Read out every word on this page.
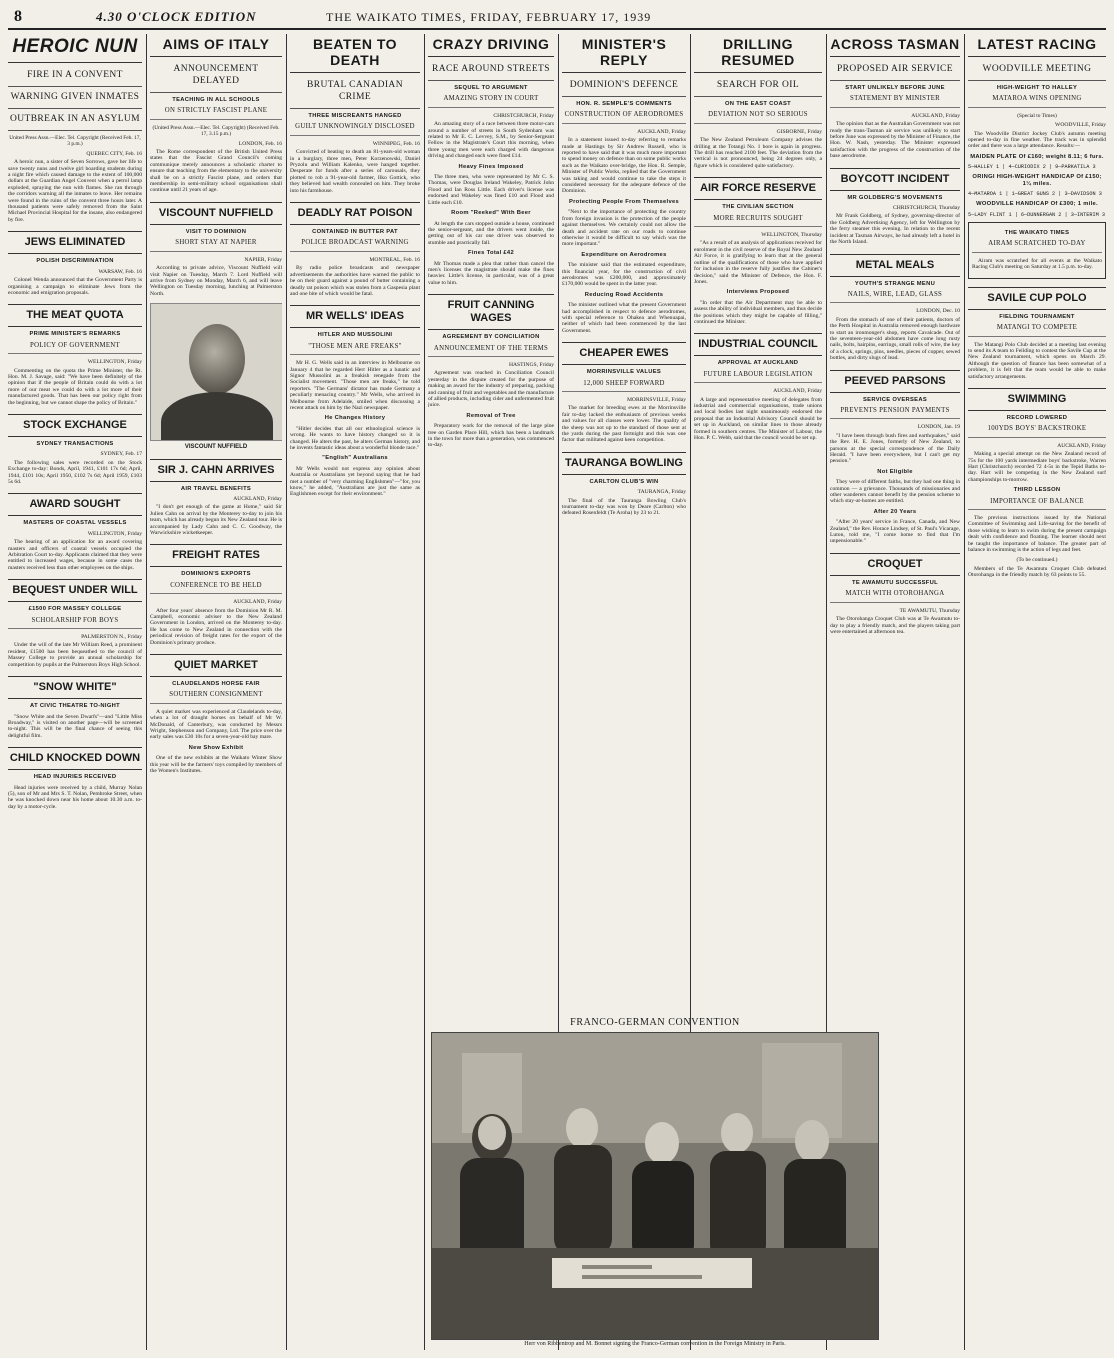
8	4.30 O'CLOCK EDITION	THE WAIKATO TIMES, FRIDAY, FEBRUARY 17, 1939
HEROIC NUN
FIRE IN A CONVENT
WARNING GIVEN INMATES
OUTBREAK IN AN ASYLUM
United Press Assn.—Elec. Tel. Copyright (Received Feb. 17, 3 p.m.)
QUEBEC CITY, Feb. 16

A heroic nun, a sister of Seven Sorrows, gave her life to save twenty nuns and twelve girl boarding students during a night fire which caused damage to the extent of 100,000 dollars at the Guardian Angel Convent when a petrol lamp exploded, spraying the nun with flames. She ran through the corridors warning all the inmates to leave. Her remains were found in the ruins of the convent three hours later. A thousand patients were safely removed from the Saint Michael Provincial Hospital for the insane, also endangered by fire.

JEWS ELIMINATED
POLISH DISCRIMINATION
WARSAW, Feb. 16

Colonel Wenda announced that the Government Party is organising a campaign to eliminate Jews from the economic and emigration proposals.

THE MEAT QUOTA
PRIME MINISTER'S REMARKS
POLICY OF GOVERNMENT
WELLINGTON, Friday

Commenting on the quota the Prime Minister, the Rt. Hon. M. J. Savage, said: "We have been definitely of the opinion that if the people of Britain could do with a lot more of our meat we could do with a lot more of their manufactured goods. That has been our policy right from the beginning, but we cannot shape the policy of Britain."

STOCK EXCHANGE
SYDNEY TRANSACTIONS
SYDNEY, Feb. 17

The following sales were recorded on the Stock Exchange to-day: Bonds, April, 1941, £101 17s 6d; April, 1944, £101 10s; April 1950, £102 7s 6d; April 1959, £103 5s 6d.

AWARD SOUGHT
MASTERS OF COASTAL VESSELS
WELLINGTON, Friday

The hearing of an application for an award covering masters and officers of coastal vessels occupied the Arbitration Court to-day. Applicants claimed that they were entitled to increased wages, because in some cases the masters received less than other employees on the ships.

BEQUEST UNDER WILL
£1500 FOR MASSEY COLLEGE
SCHOLARSHIP FOR BOYS
PALMERSTON N., Friday

Under the will of the late Mr William Reed, a prominent resident, £1500 has been bequeathed to the council of Massey College to provide an annual scholarship for competition by pupils at the Palmerston Boys High School.

"SNOW WHITE"
AT CIVIC THEATRE TO-NIGHT

"Snow White and the Seven Dwarfs"—and "Little Miss Broadway," is visited on another page—will be screened to-night. This will be the final chance of seeing this delightful film.

CHILD KNOCKED DOWN
HEAD INJURIES RECEIVED

Head injuries were received by a child, Murray Nolan (5), son of Mr and Mrs S. T. Nolan, Pembroke Street, when he was knocked down near his home about 10.30 a.m. to-day by a motor-cycle.

AIMS OF ITALY
ANNOUNCEMENT DELAYED
TEACHING IN ALL SCHOOLS
ON STRICTLY FASCIST PLANE
(United Press Assn.—Elec. Tel. Copyright) (Received Feb. 17, 3.15 p.m.)
LONDON, Feb. 16

The Rome correspondent of the British United Press states that the Fascist Grand Council's coming communique merely announces a scholastic charter to ensure that teaching from the elementary to the university shall be on a strictly Fascist plane, and orders that membership in semi-military school organisations shall continue until 21 years of age.

VISCOUNT NUFFIELD
VISIT TO DOMINION
SHORT STAY AT NAPIER
NAPIER, Friday

According to private advice, Viscount Nuffield will visit Napier on Tuesday, March 7. Lord Nuffield will arrive from Sydney on Monday, March 6, and will leave Wellington on Tuesday morning, lunching at Palmerston North.

VISCOUNT NUFFIELD
SIR J. CAHN ARRIVES
AIR TRAVEL BENEFITS
AUCKLAND, Friday

"I don't get enough of the game at Home," said Sir Julien Cahn on arrival by the Monterey to-day to join his team, which has already begun its New Zealand tour. He is accompanied by Lady Cahn and C. C. Goodway, the Warwickshire wicketkeeper.

FREIGHT RATES
DOMINION'S EXPORTS
CONFERENCE TO BE HELD
AUCKLAND, Friday

After four years' absence from the Dominion Mr R. M. Campbell, economic adviser to the New Zealand Government in London, arrived on the Monterey to-day. He has come to New Zealand in connection with the periodical revision of freight rates for the export of the Dominion's primary produce.

QUIET MARKET
CLAUDELANDS HORSE FAIR
SOUTHERN CONSIGNMENT

A quiet market was experienced at Claudelands to-day, when a lot of draught horses on behalf of Mr W. McDonald, of Canterbury, was conducted by Messrs Wright, Stephenson and Company, Ltd. The price over the early sales was £30 10s for a seven-year-old bay mare.

New Show Exhibit

One of the new exhibits at the Waikato Winter Show this year will be the farmers' toys compiled by members of the Women's Institutes.

BEATEN TO DEATH
BRUTAL CANADIAN CRIME
THREE MISCREANTS HANGED
GUILT UNKNOWINGLY DISCLOSED
WINNIPEG, Feb. 16

Convicted of beating to death an 81-years-old woman in a burglary, three men, Peter Korzenowski, Daniel Pryzolu and William Kalenko, were hanged together. Desperate for funds after a series of carousals, they plotted to rob a 91-year-old farmer, Ilko Gottick, who they believed had wealth concealed on him. They broke into his farmhouse.

DEADLY RAT POISON
CONTAINED IN BUTTER PAT
POLICE BROADCAST WARNING
MONTREAL, Feb. 16

By radio police broadcasts and newspaper advertisements the authorities have warned the public to be on their guard against a pound of butter containing a deadly rat poison which was stolen from a Gaspesia plant and one bite of which would be fatal.

MR WELLS' IDEAS
HITLER AND MUSSOLINI
"THOSE MEN ARE FREAKS"

Mr H. G. Wells said in an interview in Melbourne on January 4 that he regarded Herr Hitler as a lunatic and Signor Mussolini as a freakish renegade from the Socialist movement. "Those men are freaks," he told reporters. "The Germans' dictator has made Germany a peculiarly menacing country." Mr Wells, who arrived in Melbourne from Adelaide, smiled when discussing a recent attack on him by the Nazi newspaper.

He Changes History

"Hitler decides that all our ethnological science is wrong. He wants to have history changed so it is changed. He alters the past, he alters German history, and he invents fantastic ideas about a wonderful blonde race."

"English" Australians

Mr Wells would not express any opinion about Australia or Australians yet beyond saying that he had met a number of "very charming Englishmen"—"for, you know," he added, "Australians are just the same as Englishmen except for their environment."

CRAZY DRIVING
RACE AROUND STREETS
SEQUEL TO ARGUMENT
AMAZING STORY IN COURT
CHRISTCHURCH, Friday

An amazing story of a race between three motor-cars around a number of streets in South Sydenham was related to Mr E. C. Levvey, S.M., by Senior-Sergeant Fellow in the Magistrate's Court this morning, when three young men were each charged with dangerous driving and changed each were fined £14.

Heavy Fines Imposed

The three men, who were represented by Mr C. S. Thomas, were Douglas Ireland Wakeley, Patrick John Flood and Ian Ross Little. Each driver's license was endorsed and Wakeley was fined £10 and Flood and Little each £10.

Room "Reeked" With Beer

At length the cars stopped outside a house, continued the senior-sergeant, and the drivers went inside, the getting out of his car one driver was observed to stumble and practically fall.

Fines Total £42

Mr Thomas made a plea that rather than cancel the men's licenses the magistrate should make the fines heavier. Little's license, in particular, was of a great value to him.

FRUIT CANNING WAGES
AGREEMENT BY CONCILIATION
ANNOUNCEMENT OF THE TERMS
HASTINGS, Friday

Agreement was reached in Conciliation Council yesterday in the dispute created for the purpose of making an award for the industry of preparing, packing and canning of fruit and vegetables and the manufacture of allied products, including cider and unfermented fruit juice.

Removal of Tree

Preparatory work for the removal of the large pine tree on Garden Place Hill, which has been a landmark in the town for more than a generation, was commenced to-day.

MINISTER'S REPLY
DOMINION'S DEFENCE
HON. R. SEMPLE'S COMMENTS
CONSTRUCTION OF AERODROMES
AUCKLAND, Friday

In a statement issued to-day referring to remarks made at Hastings by Sir Andrew Russell, who is reported to have said that it was much more important to spend money on defence than on some public works such as the Waikato over-bridge, the Hon. R. Semple, Minister of Public Works, replied that the Government was taking and would continue to take the steps it considered necessary for the adequate defence of the Dominion.

Protecting People From Themselves

"Next to the importance of protecting the country from foreign invasion is the protection of the people against themselves. We certainly could not allow the death and accident rate on our roads to continue otherwise it would be difficult to say which was the more important."

Expenditure on Aerodromes

The minister said that the estimated expenditure, this financial year, for the construction of civil aerodromes was £200,000, and approximately £170,000 would be spent in the latter year.

Reducing Road Accidents

The minister outlined what the present Government had accomplished in respect to defence aerodromes, with special reference to Ohakea and Whenuapai, neither of which had been commenced by the last Government.

CHEAPER EWES
MORRINSVILLE VALUES
12,000 SHEEP FORWARD
MORRINSVILLE, Friday

The market for breeding ewes at the Morrinsville fair to-day lacked the enthusiasm of previous weeks and values for all classes were lower. The quality of the sheep was not up to the standard of those sent at the yards during the past fortnight and this was one factor that militated against keen competition.

TAURANGA BOWLING
CARLTON CLUB'S WIN
TAURANGA, Friday

The final of the Tauranga Bowling Club's tournament to-day was won by Deare (Carlton) who defeated Rosenfeldt (Te Aroha) by 23 to 21.

DRILLING RESUMED
SEARCH FOR OIL
ON THE EAST COAST
DEVIATION NOT SO SERIOUS
GISBORNE, Friday

The New Zealand Petroleum Company advises the drilling at the Totangi No. 1 bore is again in progress. The drill has reached 2100 feet. The deviation from the vertical is not pronounced, being 24 degrees only, a figure which is considered quite satisfactory.

AIR FORCE RESERVE
THE CIVILIAN SECTION
MORE RECRUITS SOUGHT
WELLINGTON, Thursday

"As a result of an analysis of applications received for enrolment in the civil reserve of the Royal New Zealand Air Force, it is gratifying to learn that at the general outline of the qualifications of those who have applied for inclusion in the reserve fully justifies the Cabinet's decision," said the Minister of Defence, the Hon. F. Jones.

Interviews Proposed

"In order that the Air Department may be able to assess the ability of individual members, and thus decide the positions which they might be capable of filling," continued the Minister.

INDUSTRIAL COUNCIL
APPROVAL AT AUCKLAND
FUTURE LABOUR LEGISLATION
AUCKLAND, Friday

A large and representative meeting of delegates from industrial and commercial organisations, trade unions and local bodies last night unanimously endorsed the proposal that an Industrial Advisory Council should be set up in Auckland, on similar lines to those already formed in southern centres. The Minister of Labour, the Hon. P. C. Webb, said that the council would be set up.

ACROSS TASMAN
PROPOSED AIR SERVICE
START UNLIKELY BEFORE JUNE
STATEMENT BY MINISTER
AUCKLAND, Friday

The opinion that as the Australian Government was not ready the trans-Tasman air service was unlikely to start before June was expressed by the Minister of Finance, the Hon. W. Nash, yesterday. The Minister expressed satisfaction with the progress of the construction of the base aerodrome.

BOYCOTT INCIDENT
MR GOLDBERG'S MOVEMENTS
CHRISTCHURCH, Thursday

Mr Frank Goldberg, of Sydney, governing-director of the Goldberg Advertising Agency, left for Wellington by the ferry steamer this evening. In relation to the recent incident at Tasman Airways, he had already left a hotel in the North Island.

METAL MEALS
YOUTH'S STRANGE MENU
NAILS, WIRE, LEAD, GLASS
LONDON, Dec. 10

From the stomach of one of their patients, doctors of the Perth Hospital in Australia removed enough hardware to start an ironmonger's shop, reports Cavalcade. Out of the seventeen-year-old abdomen have come long rusty nails, bolts, hairpins, earrings, small rolls of wire, the key of a clock, springs, pins, needles, pieces of copper, sewed bottles, and dirty slugs of lead.

PEEVED PARSONS
SERVICE OVERSEAS
PREVENTS PENSION PAYMENTS
LONDON, Jan. 19

"I have been through bush fires and earthquakes," said the Rev. H. E. Jones, formerly of New Zealand, to parsons at the special correspondence of the Daily Herald. "I have been everywhere, but I can't get my pension."

Not Eligible

They were of different faiths, but they had one thing in common — a grievance. Thousands of missionaries and other wanderers cannot benefit by the pension scheme to which stay-at-homes are entitled.

After 20 Years

"After 20 years' service in France, Canada, and New Zealand," the Rev. Horace Lindsey, of St. Paul's Vicarage, Luton, told me, "I come home to find that I'm unpensionable."

CROQUET
TE AWAMUTU SUCCESSFUL
MATCH WITH OTOROHANGA
TE AWAMUTU, Thursday

The Otorohanga Croquet Club was at Te Awamutu to-day to play a friendly match, and the players taking part were entertained at afternoon tea.

LATEST RACING
WOODVILLE MEETING
HIGH-WEIGHT TO HALLEY
MATAROA WINS OPENING
(Special to Times)
WOODVILLE, Friday

The Woodville District Jockey Club's autumn meeting opened to-day in fine weather. The track was in splendid order and there was a large attendance. Results:—

MAIDEN PLATE Of £160; weight 8.11; 6 furs.
5—HALLEY 1 | 4—CURIODIX 2 | 9—PARKATILA 3
ORINGI HIGH-WEIGHT HANDICAP Of £150; 1¼ miles.
4—MATAROA 1 | 1—GREAT GUNS 2 | 3—DAVIDSON 3
WOODVILLE HANDICAP Of £300; 1 mile.
5—LADY FLINT 1 | 6—DUNNERGAN 2 | 3—INTERIM 3
THE WAIKATO TIMES
AIRAM SCRATCHED TO-DAY

Airam was scratched for all events at the Waikato Racing Club's meeting on Saturday at 1.5 p.m. to-day.

SAVILE CUP POLO
FIELDING TOURNAMENT
MATANGI TO COMPETE

The Matangi Polo Club decided at a meeting last evening to send its A team to Feilding to contest the Savile Cup at the New Zealand tournament, which opens on March 29. Although the question of finance has been somewhat of a problem, it is felt that the team would be able to make satisfactory arrangements.

SWIMMING
RECORD LOWERED
100YDS BOYS' BACKSTROKE
AUCKLAND, Friday

Making a special attempt on the New Zealand record of 75s for the 100 yards intermediate boys' backstroke, Warren Hart (Christchurch) recorded 72 4-5s in the Tepid Baths to-day. Hart will be competing in the New Zealand surf championships to-morrow.

THIRD LESSON
IMPORTANCE OF BALANCE

The previous instructions issued by the National Committee of Swimming and Life-saving for the benefit of those wishing to learn to swim during the present campaign dealt with confidence and floating. The learner should next be taught the importance of balance. The greater part of balance in swimming is the action of legs and feet.

(To be continued.)

Members of the Te Awamutu Croquet Club defeated Otorohanga in the friendly match by 63 points to 55.

FRANCO-GERMAN CONVENTION
Herr von Ribbentrop and M. Bonnet signing the Franco-German convention in the Foreign Ministry in Paris.
